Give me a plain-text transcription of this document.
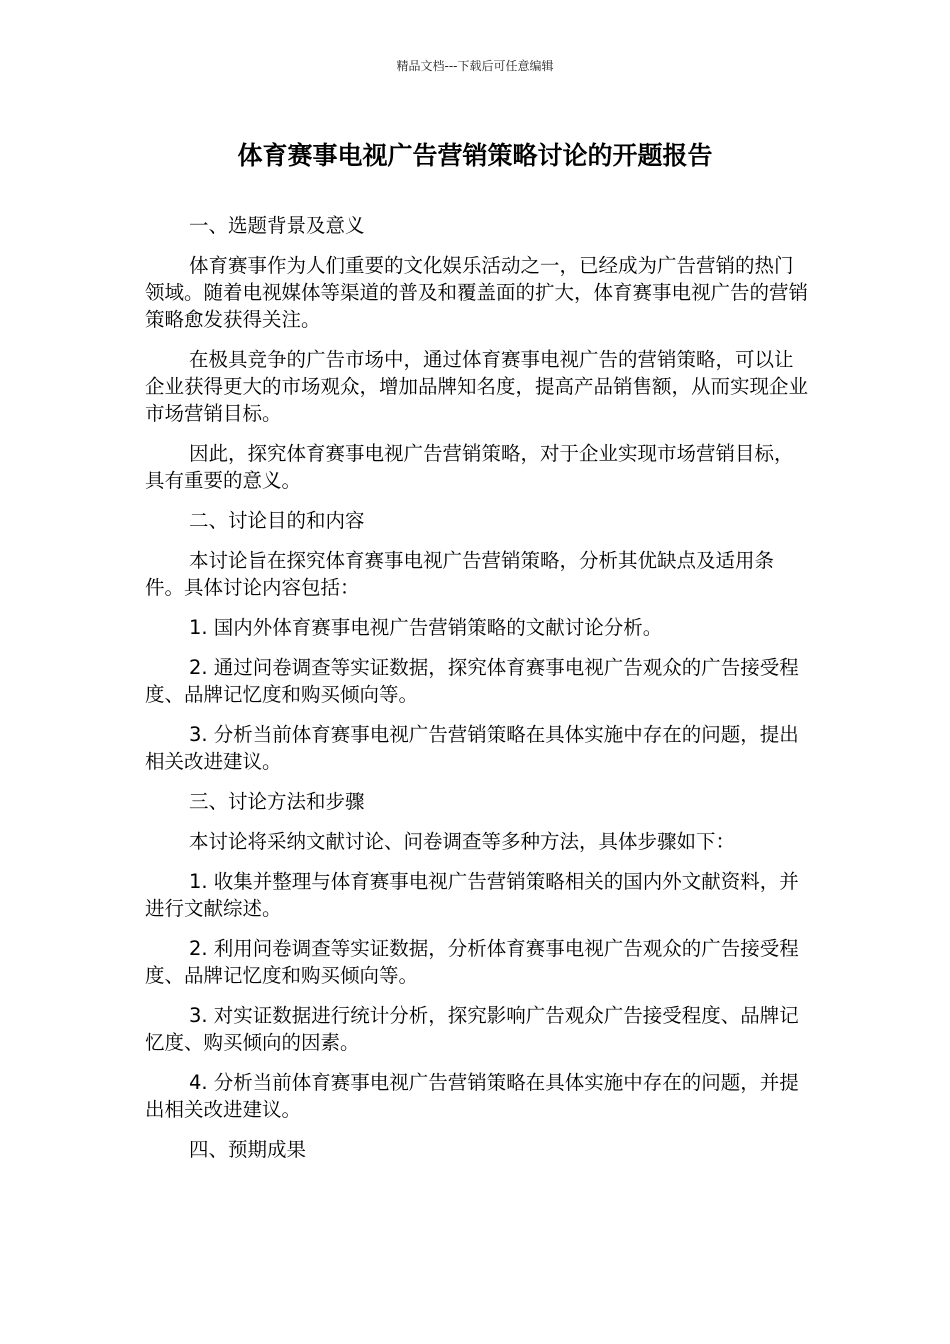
精品文档---下载后可任意编辑
体育赛事电视广告营销策略讨论的开题报告

一、选题背景及意义

体育赛事作为人们重要的文化娱乐活动之一，已经成为广告营销的热门领域。随着电视媒体等渠道的普及和覆盖面的扩大，体育赛事电视广告的营销策略愈发获得关注。

在极具竞争的广告市场中，通过体育赛事电视广告的营销策略，可以让企业获得更大的市场观众，增加品牌知名度，提高产品销售额，从而实现企业市场营销目标。

因此，探究体育赛事电视广告营销策略，对于企业实现市场营销目标，具有重要的意义。

二、讨论目的和内容

本讨论旨在探究体育赛事电视广告营销策略，分析其优缺点及适用条件。具体讨论内容包括：

1. 国内外体育赛事电视广告营销策略的文献讨论分析。

2. 通过问卷调查等实证数据，探究体育赛事电视广告观众的广告接受程度、品牌记忆度和购买倾向等。

3. 分析当前体育赛事电视广告营销策略在具体实施中存在的问题，提出相关改进建议。

三、讨论方法和步骤

本讨论将采纳文献讨论、问卷调查等多种方法，具体步骤如下：

1. 收集并整理与体育赛事电视广告营销策略相关的国内外文献资料，并进行文献综述。

2. 利用问卷调查等实证数据，分析体育赛事电视广告观众的广告接受程度、品牌记忆度和购买倾向等。

3. 对实证数据进行统计分析，探究影响广告观众广告接受程度、品牌记忆度、购买倾向的因素。

4. 分析当前体育赛事电视广告营销策略在具体实施中存在的问题，并提出相关改进建议。

四、预期成果
